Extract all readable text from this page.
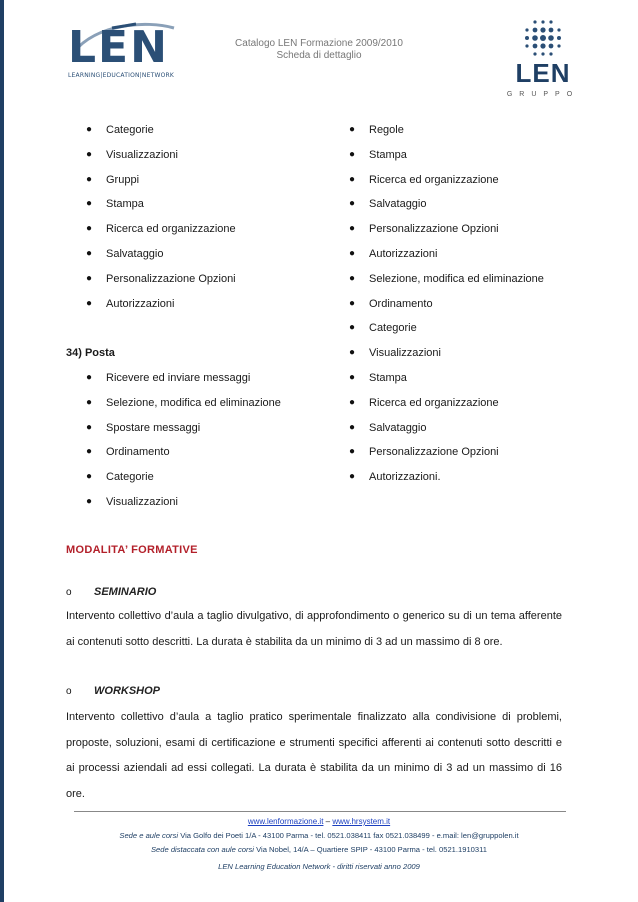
LEN
LEARNING|EDUCATION|NETWORK
Catalogo LEN Formazione 2009/2010
Scheda di dettaglio
LEN
GRUPPO
●	Categorie
●	Visualizzazioni
●	Gruppi
●	Stampa
●	Ricerca ed organizzazione
●	Salvataggio
●	Personalizzazione Opzioni
●	Autorizzazioni
34) Posta
●	Ricevere ed inviare messaggi
●	Selezione, modifica ed eliminazione
●	Spostare messaggi
●	Ordinamento
●	Categorie
●	Visualizzazioni
●	Regole
●	Stampa
●	Ricerca ed organizzazione
●	Salvataggio
●	Personalizzazione Opzioni
●	Autorizzazioni
●	Selezione, modifica ed eliminazione
●	Ordinamento
●	Categorie
●	Visualizzazioni
●	Stampa
●	Ricerca ed organizzazione
●	Salvataggio
●	Personalizzazione Opzioni
●	Autorizzazioni.
MODALITA’ FORMATIVE
o SEMINARIO
Intervento collettivo d’aula a taglio divulgativo, di approfondimento o generico su di un tema afferente ai contenuti sotto descritti. La durata è stabilita da un minimo di 3 ad un massimo di 8 ore.
o WORKSHOP
Intervento collettivo d’aula a taglio pratico sperimentale finalizzato alla condivisione di problemi, proposte, soluzioni, esami di certificazione e strumenti specifici afferenti ai contenuti sotto descritti e ai processi aziendali ad essi collegati. La durata è stabilita da un minimo di 3 ad un massimo di 16 ore.
www.lenformazione.it – www.hrsystem.it
Sede e aule corsi Via Golfo dei Poeti 1/A - 43100 Parma - tel. 0521.038411 fax 0521.038499 - e.mail: len@gruppolen.it
Sede distaccata con aule corsi Via Nobel, 14/A – Quartiere SPIP - 43100 Parma - tel. 0521.1910311
LEN Learning Education Network - diritti riservati anno 2009
